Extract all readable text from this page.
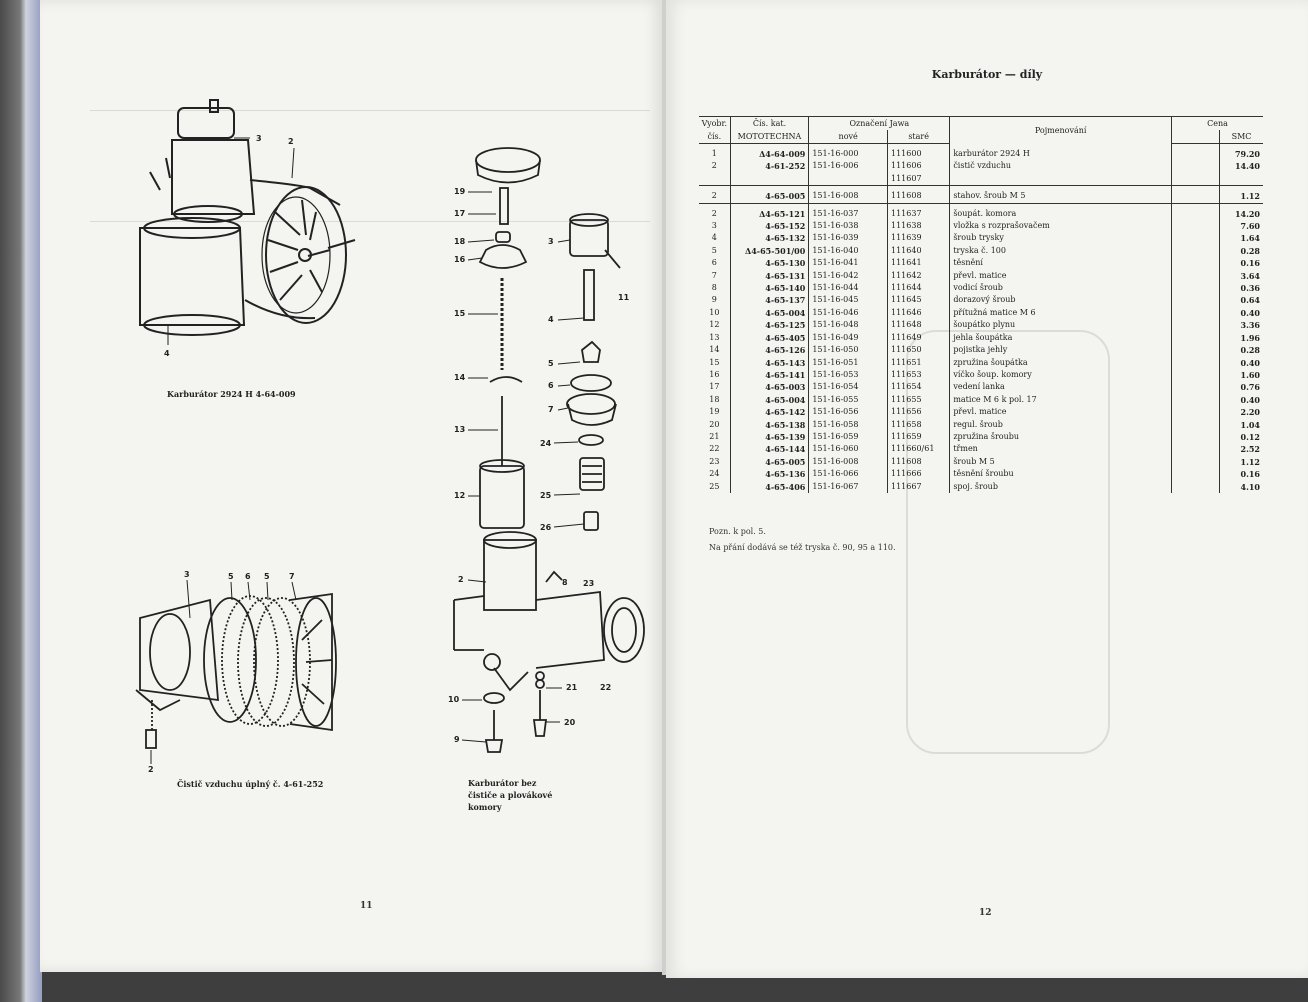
3	2
4
19
17
18
16
15
14
13
12
3
11
4
5
6
7
24
25
26
2	8 23
21	22
10
9
20
3	5 6 5 7
2
Karburátor 2924 H 4-64-009
Čistič vzduchu úplný č. 4-61-252	Karburátor bez
čističe a plovákové
komory
11
Karburátor — díly
Vyobr.	Čís. kat.	Označení Jawa		Pojmenování	Cena	
čís.	MOTOTECHNA	nové	staré			SMC

1	Δ4-64-009	151-16-000	111600	karburátor 2924 H		79.20
2	4-61-252	151-16-006	111606	čistič vzduchu		14.40
			111607			

2	4-65-005	151-16-008	111608	stahov. šroub M 5		1.12

2	Δ4-65-121	151-16-037	111637	šoupát. komora		14.20
3	4-65-152	151-16-038	111638	vložka s rozprašovačem		7.60
4	4-65-132	151-16-039	111639	šroub trysky		1.64
5	Δ4-65-501/00	151-16-040	111640	tryska č. 100		0.28
6	4-65-130	151-16-041	111641	těsnění		0.16
7	4-65-131	151-16-042	111642	převl. matice		3.64
8	4-65-140	151-16-044	111644	vodicí šroub		0.36
9	4-65-137	151-16-045	111645	dorazový šroub		0.64
10	4-65-004	151-16-046	111646	přítužná matice M 6		0.40
12	4-65-125	151-16-048	111648	šoupátko plynu		3.36
13	4-65-405	151-16-049	111649	jehla šoupátka		1.96
14	4-65-126	151-16-050	111650	pojistka jehly		0.28
15	4-65-143	151-16-051	111651	zpružina šoupátka		0.40
16	4-65-141	151-16-053	111653	víčko šoup. komory		1.60
17	4-65-003	151-16-054	111654	vedení lanka		0.76
18	4-65-004	151-16-055	111655	matice M 6 k pol. 17		0.40
19	4-65-142	151-16-056	111656	převl. matice		2.20
20	4-65-138	151-16-058	111658	regul. šroub		1.04
21	4-65-139	151-16-059	111659	zpružina šroubu		0.12
22	4-65-144	151-16-060	111660/61	třmen		2.52
23	4-65-005	151-16-008	111608	šroub M 5		1.12
24	4-65-136	151-16-066	111666	těsnění šroubu		0.16
25	4-65-406	151-16-067	111667	spoj. šroub		4.10
Pozn. k pol. 5.
Na přání dodává se též tryska č. 90, 95 a 110.
12
